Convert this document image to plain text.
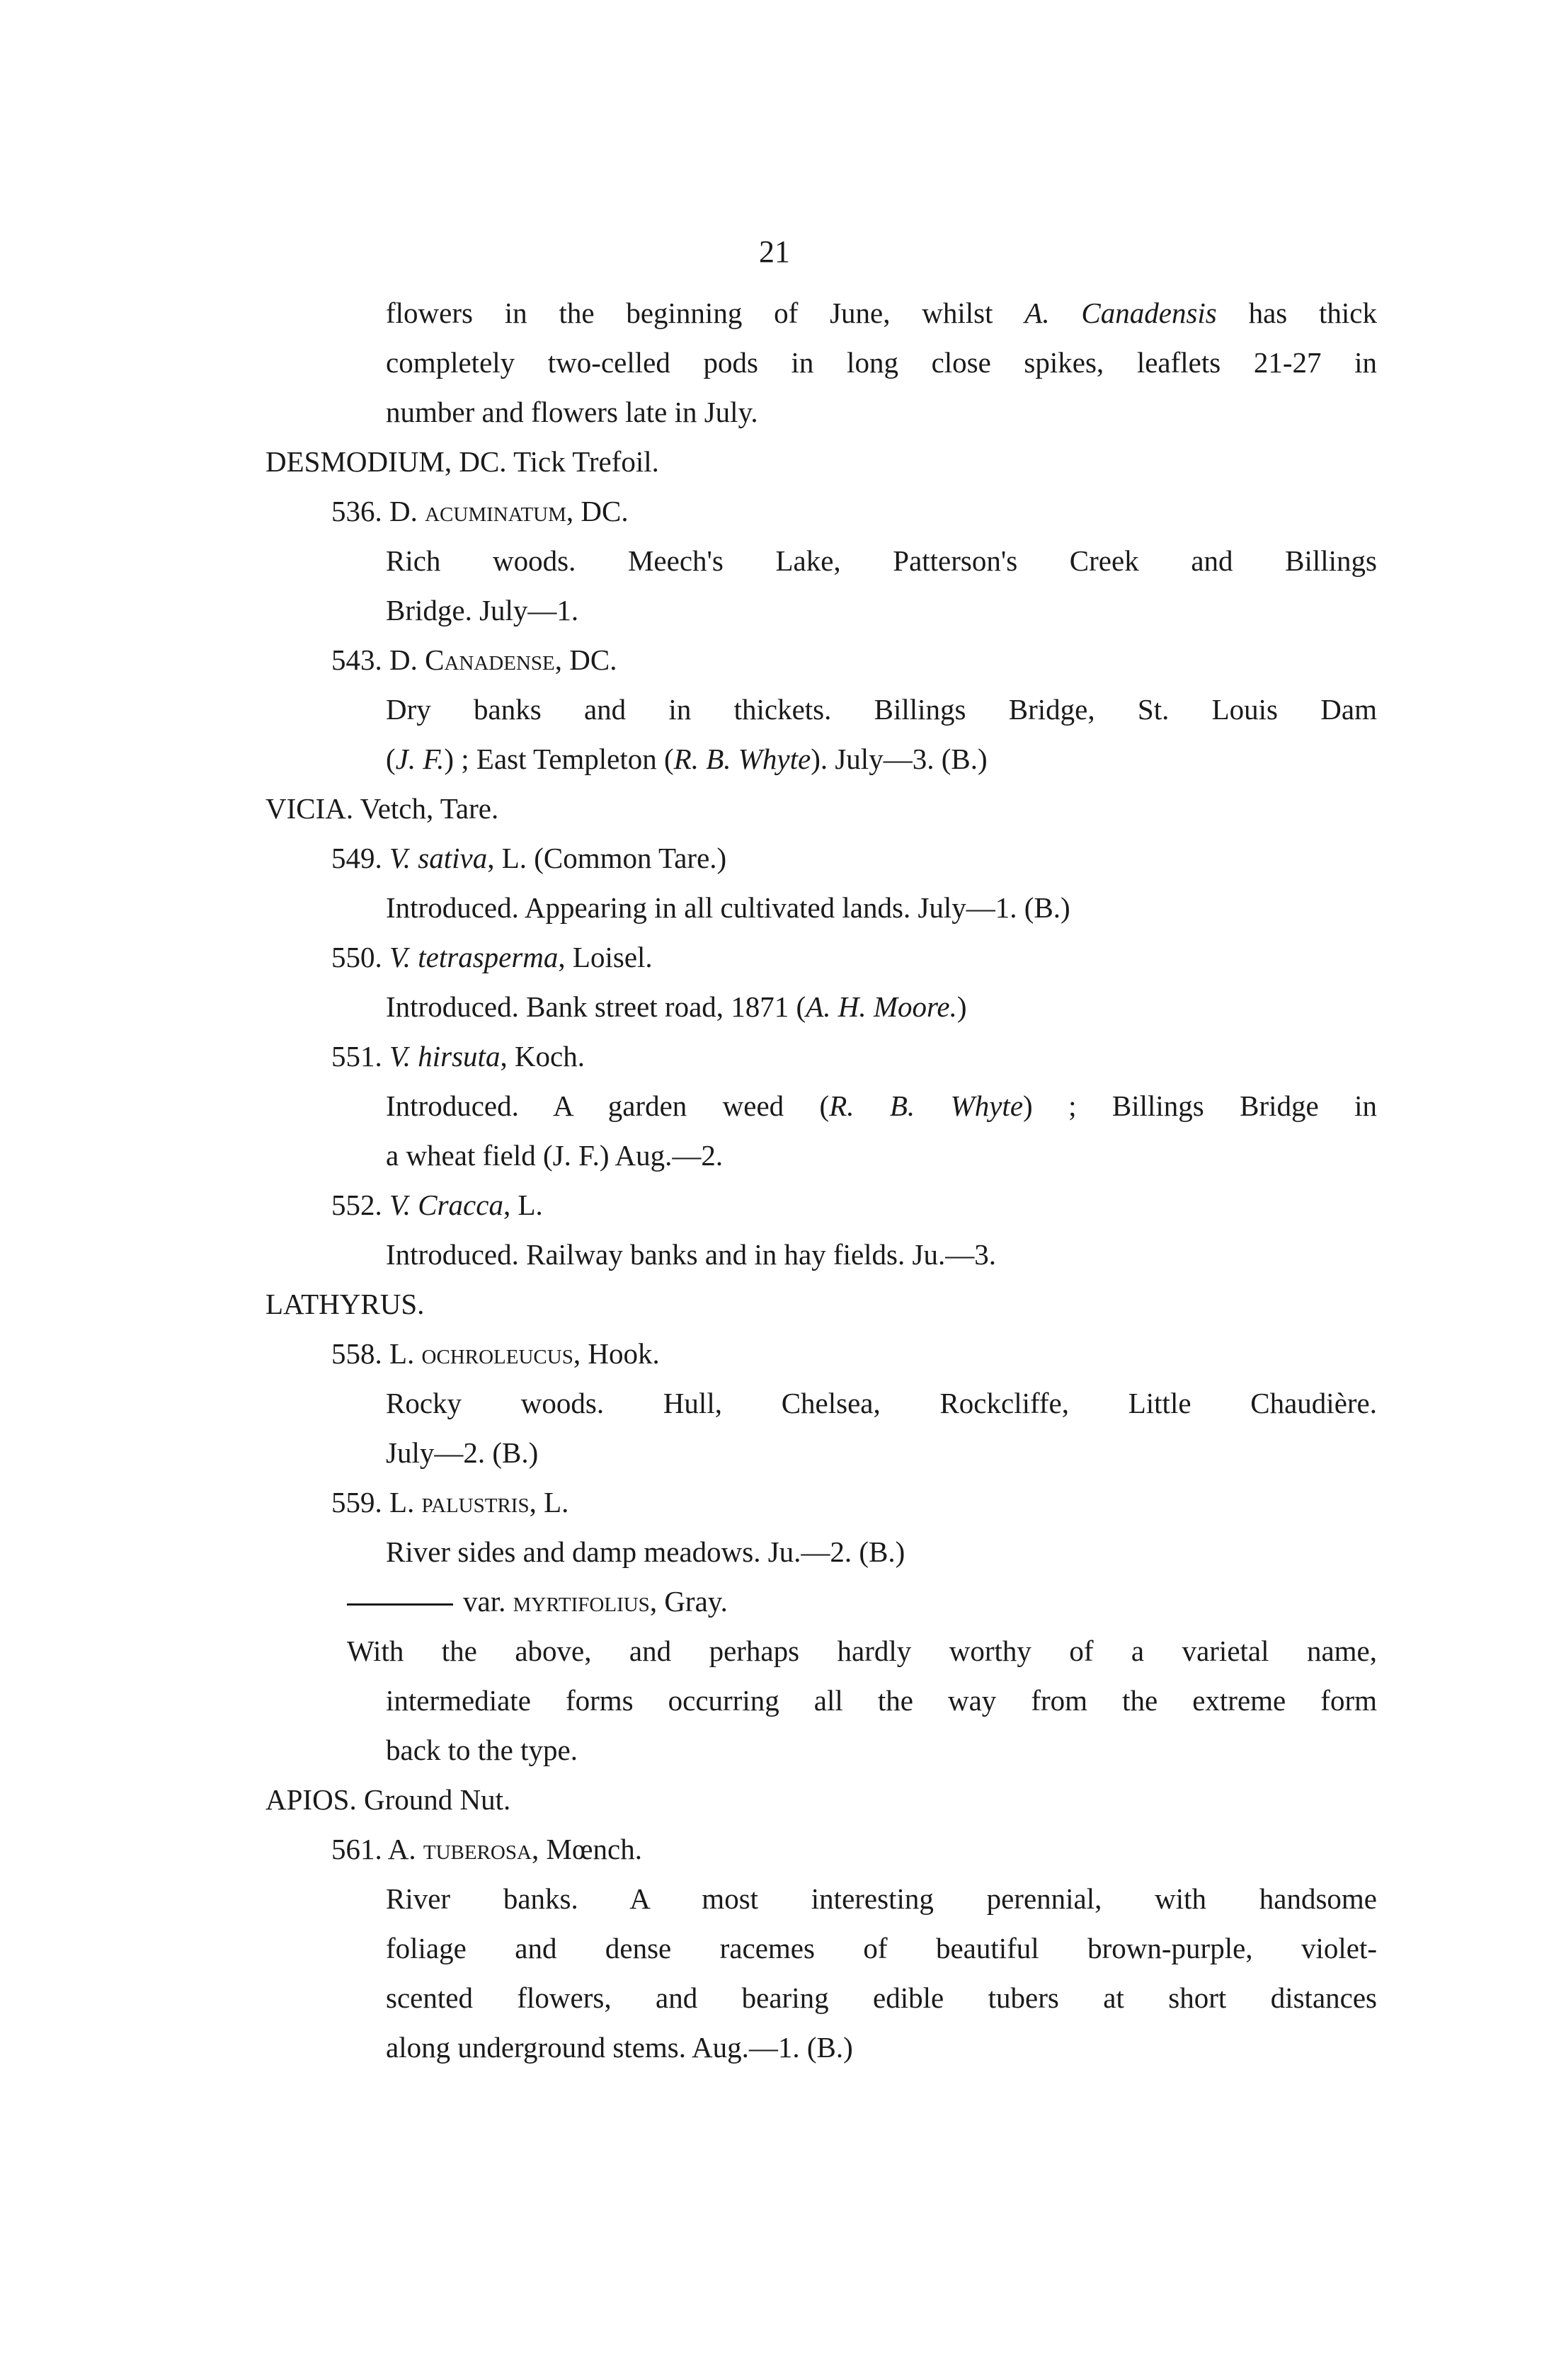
21
flowers in the beginning of June, whilst A. Canadensis has thick
completely two-celled pods in long close spikes, leaflets 21-27 in
number and flowers late in July.
DESMODIUM, DC. Tick Trefoil.
536. D. acuminatum, DC.
Rich woods. Meech's Lake, Patterson's Creek and Billings
Bridge. July—1.
543. D. Canadense, DC.
Dry banks and in thickets. Billings Bridge, St. Louis Dam
(J. F.) ; East Templeton (R. B. Whyte). July—3. (B.)
VICIA. Vetch, Tare.
549. V. sativa, L. (Common Tare.)
Introduced. Appearing in all cultivated lands. July—1. (B.)
550. V. tetrasperma, Loisel.
Introduced. Bank street road, 1871 (A. H. Moore.)
551. V. hirsuta, Koch.
Introduced. A garden weed (R. B. Whyte) ; Billings Bridge in
a wheat field (J. F.) Aug.—2.
552. V. Cracca, L.
Introduced. Railway banks and in hay fields. Ju.—3.
LATHYRUS.
558. L. ochroleucus, Hook.
Rocky woods. Hull, Chelsea, Rockcliffe, Little Chaudière.
July—2. (B.)
559. L. palustris, L.
River sides and damp meadows. Ju.—2. (B.)
var. myrtifolius, Gray.
With the above, and perhaps hardly worthy of a varietal name,
intermediate forms occurring all the way from the extreme form
back to the type.
APIOS. Ground Nut.
561. A. tuberosa, Mœnch.
River banks. A most interesting perennial, with handsome
foliage and dense racemes of beautiful brown-purple, violet-
scented flowers, and bearing edible tubers at short distances
along underground stems. Aug.—1. (B.)
